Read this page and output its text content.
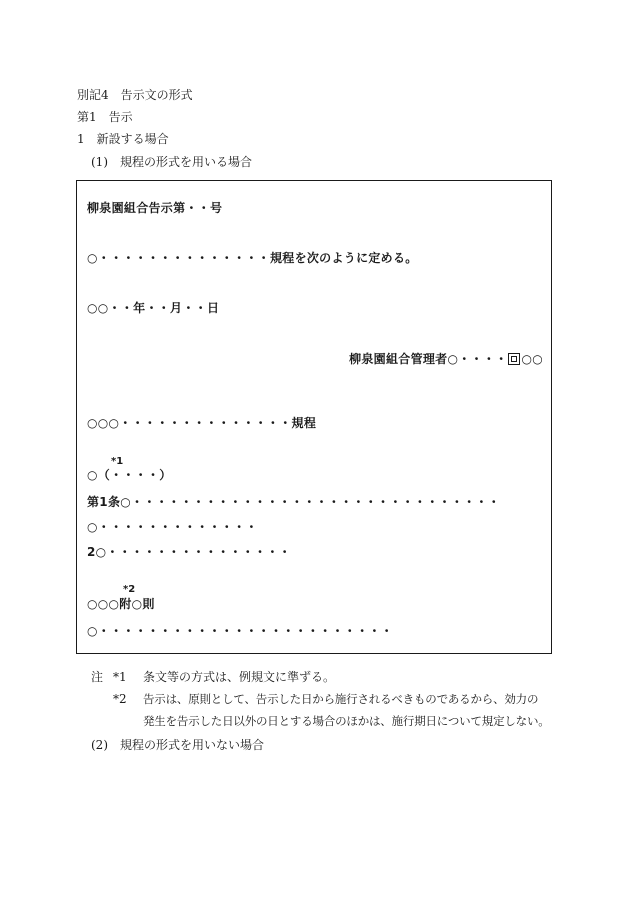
別記4　告示文の形式
第1　告示
1　新設する場合
(1)　規程の形式を用いる場合
柳泉園組合告示第・・号
○・・・・・・・・・・・・・・規程を次のように定める。
○○・・年・・月・・日
柳泉園組合管理者○・・・・ ○○
○○○・・・・・・・・・・・・・・規程
*1
○（・・・・）
第1条○・・・・・・・・・・・・・・・・・・・・・・・・・・・・・・
○・・・・・・・・・・・・・
2○・・・・・・・・・・・・・・・
*2
○○○附○則
○・・・・・・・・・・・・・・・・・・・・・・・・
注 *1 条文等の方式は、例規文に準ずる。
*2 告示は、原則として、告示した日から施行されるべきものであるから、効力の
発生を告示した日以外の日とする場合のほかは、施行期日について規定しない。
(2)　規程の形式を用いない場合
